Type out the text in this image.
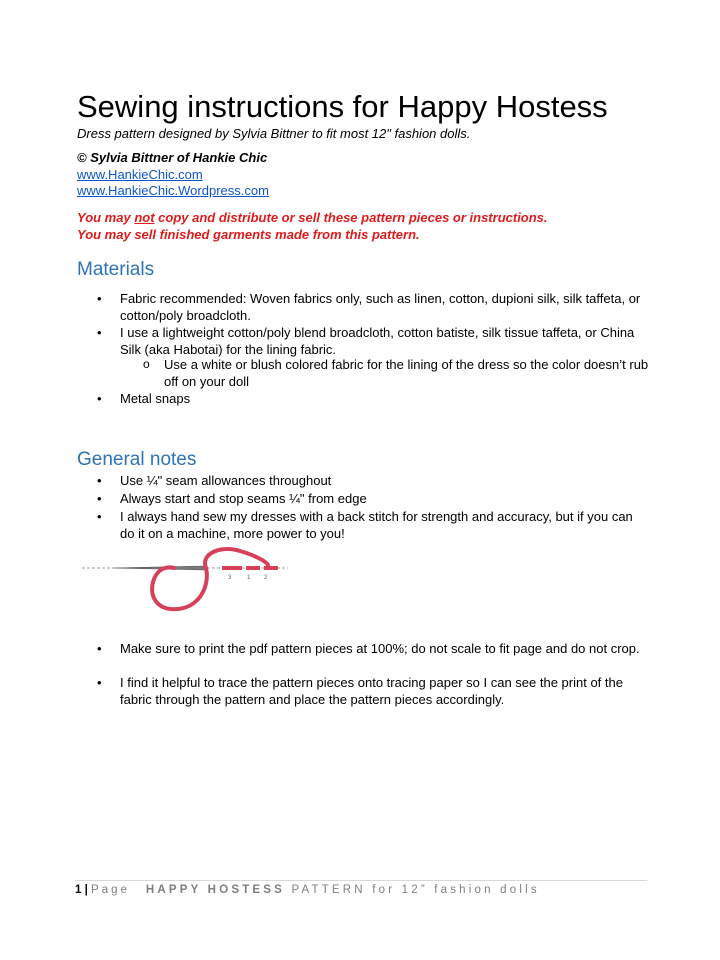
Sewing instructions for Happy Hostess
Dress pattern designed by Sylvia Bittner to fit most 12" fashion dolls.
© Sylvia Bittner of Hankie Chic
www.HankieChic.com
www.HankieChic.Wordpress.com
You may not copy and distribute or sell these pattern pieces or instructions.
You may sell finished garments made from this pattern.
Materials
• Fabric recommended: Woven fabrics only, such as linen, cotton, dupioni silk, silk taffeta, or cotton/poly broadcloth.
• I use a lightweight cotton/poly blend broadcloth, cotton batiste, silk tissue taffeta, or China Silk (aka Habotai) for the lining fabric.
o Use a white or blush colored fabric for the lining of the dress so the color doesn’t rub off on your doll
• Metal snaps
General notes
• Use ¼" seam allowances throughout
• Always start and stop seams ¼" from edge
• I always hand sew my dresses with a back stitch for strength and accuracy, but if you can do it on a machine, more power to you!
3	1 2
• Make sure to print the pdf pattern pieces at 100%; do not scale to fit page and do not crop.
• I find it helpful to trace the pattern pieces onto tracing paper so I can see the print of the fabric through the pattern and place the pattern pieces accordingly.
1 | Page HAPPY HOSTESS PATTERN for 12” fashion dolls
